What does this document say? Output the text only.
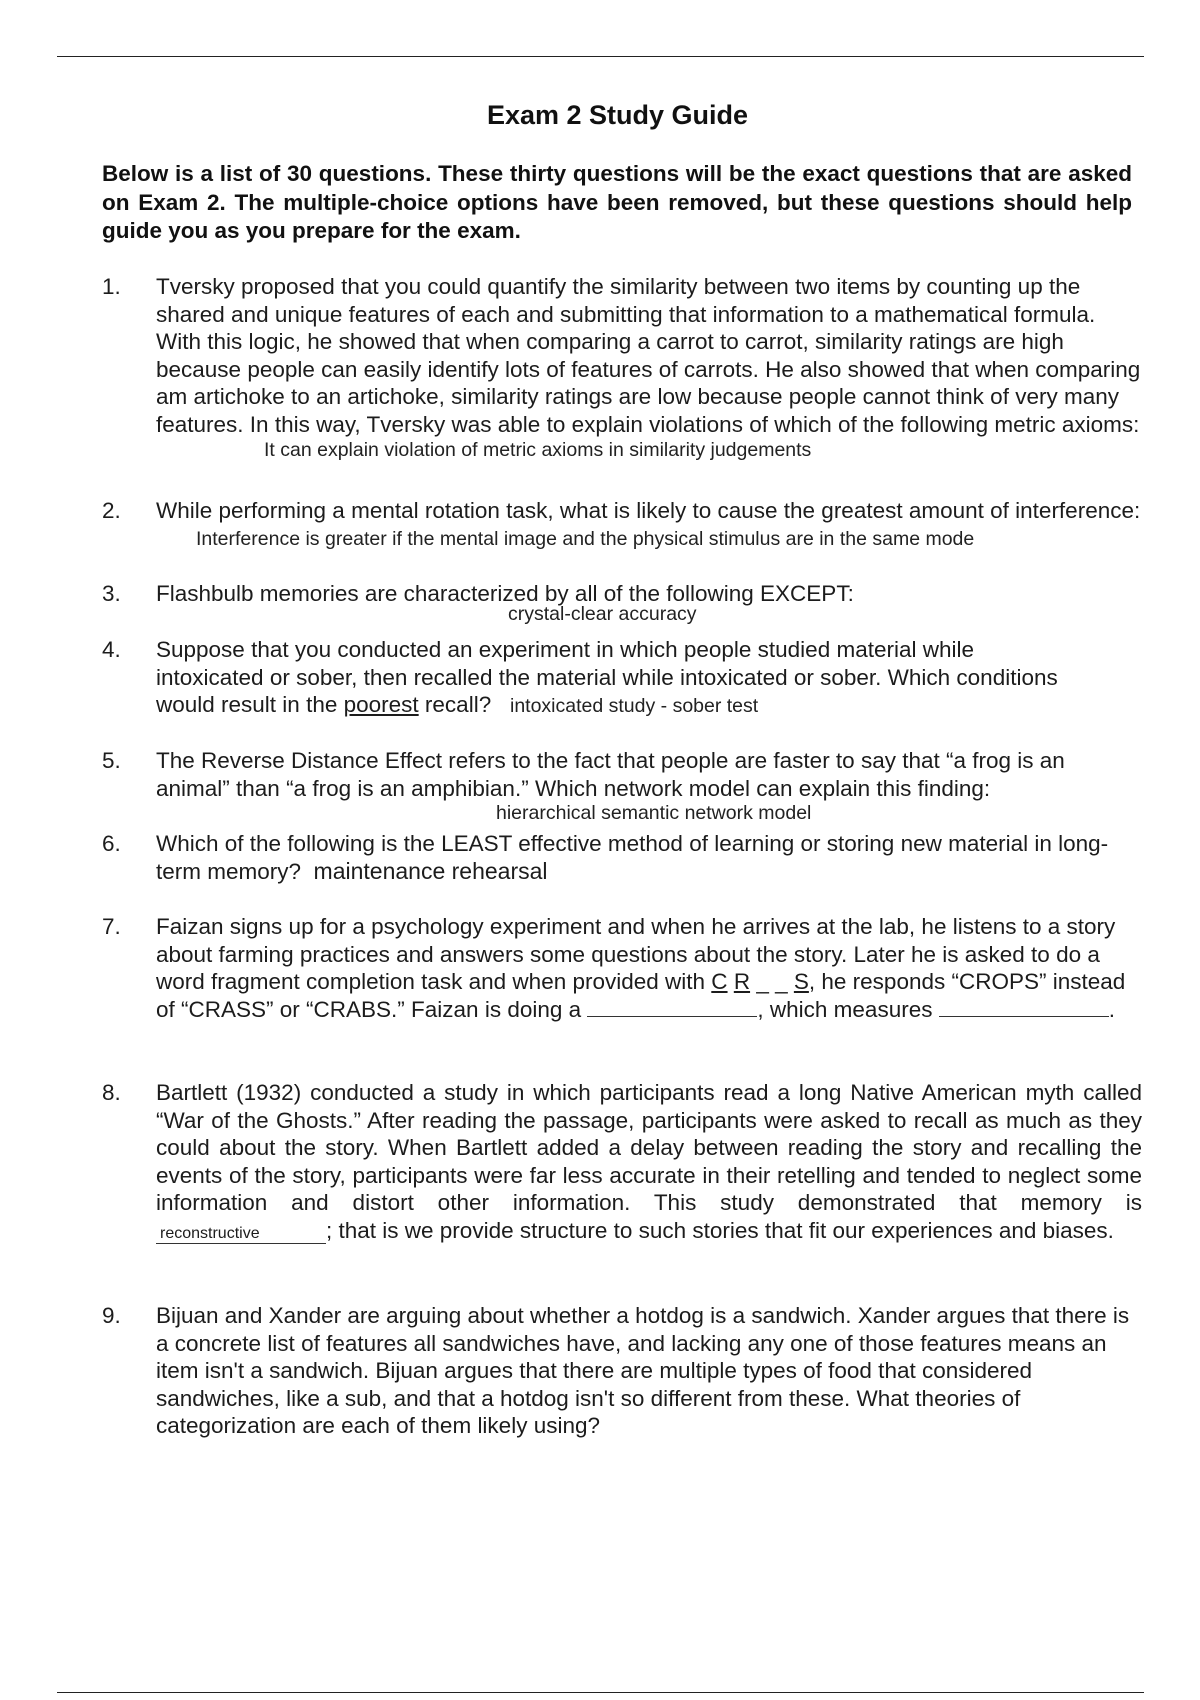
Exam 2 Study Guide
Below is a list of 30 questions. These thirty questions will be the exact questions that are asked on Exam 2. The multiple-choice options have been removed, but these questions should help guide you as you prepare for the exam.
1. Tversky proposed that you could quantify the similarity between two items by counting up the shared and unique features of each and submitting that information to a mathematical formula. With this logic, he showed that when comparing a carrot to carrot, similarity ratings are high because people can easily identify lots of features of carrots. He also showed that when comparing am artichoke to an artichoke, similarity ratings are low because people cannot think of very many features. In this way, Tversky was able to explain violations of which of the following metric axioms:
It can explain violation of metric axioms in similarity judgements
2. While performing a mental rotation task, what is likely to cause the greatest amount of interference:
Interference is greater if the mental image and the physical stimulus are in the same mode
3. Flashbulb memories are characterized by all of the following EXCEPT:
crystal-clear accuracy
4. Suppose that you conducted an experiment in which people studied material while intoxicated or sober, then recalled the material while intoxicated or sober. Which conditions would result in the poorest recall? intoxicated study - sober test
5. The Reverse Distance Effect refers to the fact that people are faster to say that “a frog is an animal” than “a frog is an amphibian.” Which network model can explain this finding:
hierarchical semantic network model
6. Which of the following is the LEAST effective method of learning or storing new material in long-term memory? maintenance rehearsal
7. Faizan signs up for a psychology experiment and when he arrives at the lab, he listens to a story about farming practices and answers some questions about the story. Later he is asked to do a word fragment completion task and when provided with C R _ _ S, he responds “CROPS” instead of “CRASS” or “CRABS.” Faizan is doing a	, which measures	.
8. Bartlett (1932) conducted a study in which participants read a long Native American myth called “War of the Ghosts.” After reading the passage, participants were asked to recall as much as they could about the story. When Bartlett added a delay between reading the story and recalling the events of the story, participants were far less accurate in their retelling and tended to neglect some information and distort other information. This study demonstrated that memory is reconstructive	; that is we provide structure to such stories that fit our experiences and biases.
9. Bijuan and Xander are arguing about whether a hotdog is a sandwich. Xander argues that there is a concrete list of features all sandwiches have, and lacking any one of those features means an item isn't a sandwich. Bijuan argues that there are multiple types of food that considered sandwiches, like a sub, and that a hotdog isn't so different from these. What theories of categorization are each of them likely using?
